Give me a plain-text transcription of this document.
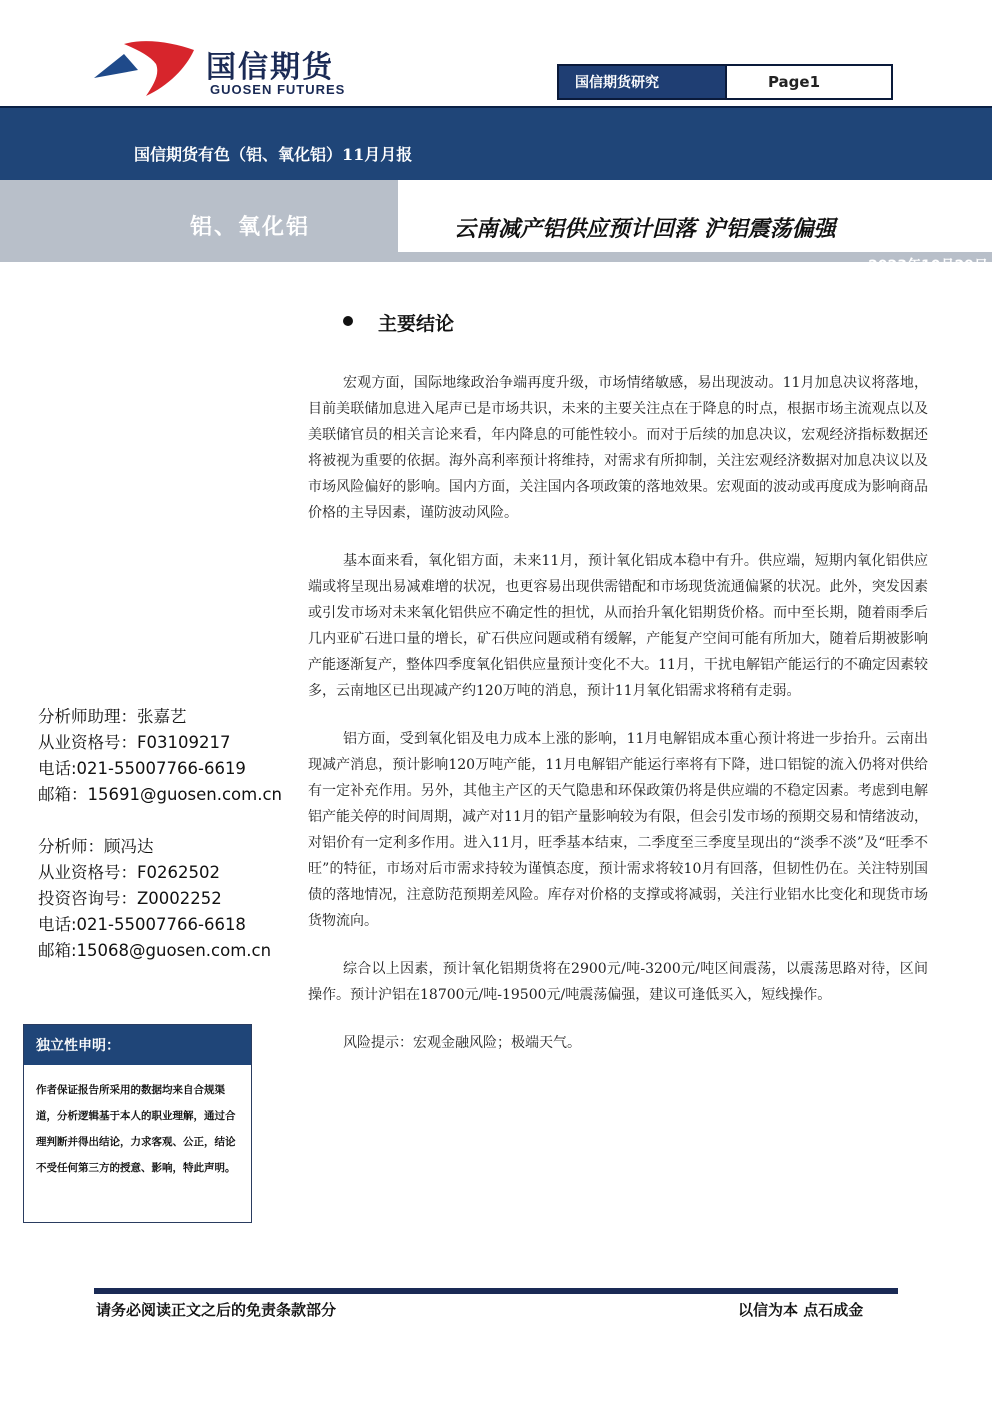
国信期货
GUOSEN FUTURES	国信期货研究	Page1
国信期货有色（铝、氧化铝）11月月报
铝、氧化铝	云南减产铝供应预计回落 沪铝震荡偏强
2023年10月29日
主要结论

宏观方面，国际地缘政治争端再度升级，市场情绪敏感，易出现波动。11月加息决议将落地，目前美联储加息进入尾声已是市场共识，未来的主要关注点在于降息的时点，根据市场主流观点以及美联储官员的相关言论来看，年内降息的可能性较小。而对于后续的加息决议，宏观经济指标数据还将被视为重要的依据。海外高利率预计将维持，对需求有所抑制，关注宏观经济数据对加息决议以及市场风险偏好的影响。国内方面，关注国内各项政策的落地效果。宏观面的波动或再度成为影响商品价格的主导因素，谨防波动风险。

基本面来看，氧化铝方面，未来11月，预计氧化铝成本稳中有升。供应端，短期内氧化铝供应端或将呈现出易减难增的状况，也更容易出现供需错配和市场现货流通偏紧的状况。此外，突发因素或引发市场对未来氧化铝供应不确定性的担忧，从而抬升氧化铝期货价格。而中至长期，随着雨季后几内亚矿石进口量的增长，矿石供应问题或稍有缓解，产能复产空间可能有所加大，随着后期被影响产能逐渐复产，整体四季度氧化铝供应量预计变化不大。11月，干扰电解铝产能运行的不确定因素较多，云南地区已出现减产约120万吨的消息，预计11月氧化铝需求将稍有走弱。

铝方面，受到氧化铝及电力成本上涨的影响，11月电解铝成本重心预计将进一步抬升。云南出现减产消息，预计影响120万吨产能，11月电解铝产能运行率将有下降，进口铝锭的流入仍将对供给有一定补充作用。另外，其他主产区的天气隐患和环保政策仍将是供应端的不稳定因素。考虑到电解铝产能关停的时间周期，减产对11月的铝产量影响较为有限，但会引发市场的预期交易和情绪波动，对铝价有一定利多作用。进入11月，旺季基本结束，二季度至三季度呈现出的“淡季不淡”及“旺季不旺”的特征，市场对后市需求持较为谨慎态度，预计需求将较10月有回落，但韧性仍在。关注特别国债的落地情况，注意防范预期差风险。库存对价格的支撑或将减弱，关注行业铝水比变化和现货市场货物流向。

综合以上因素，预计氧化铝期货将在2900元/吨-3200元/吨区间震荡，以震荡思路对待，区间操作。预计沪铝在18700元/吨-19500元/吨震荡偏强，建议可逢低买入，短线操作。

风险提示：宏观金融风险；极端天气。

分析师助理：张嘉艺
从业资格号：F03109217
电话:021-55007766-6619
邮箱：15691@guosen.com.cn
分析师：顾冯达
从业资格号：F0262502
投资咨询号：Z0002252
电话:021-55007766-6618
邮箱:15068@guosen.com.cn
独立性申明：
作者保证报告所采用的数据均来自合规渠道，分析逻辑基于本人的职业理解，通过合理判断并得出结论，力求客观、公正，结论不受任何第三方的授意、影响，特此声明。
请务必阅读正文之后的免责条款部分	以信为本 点石成金
